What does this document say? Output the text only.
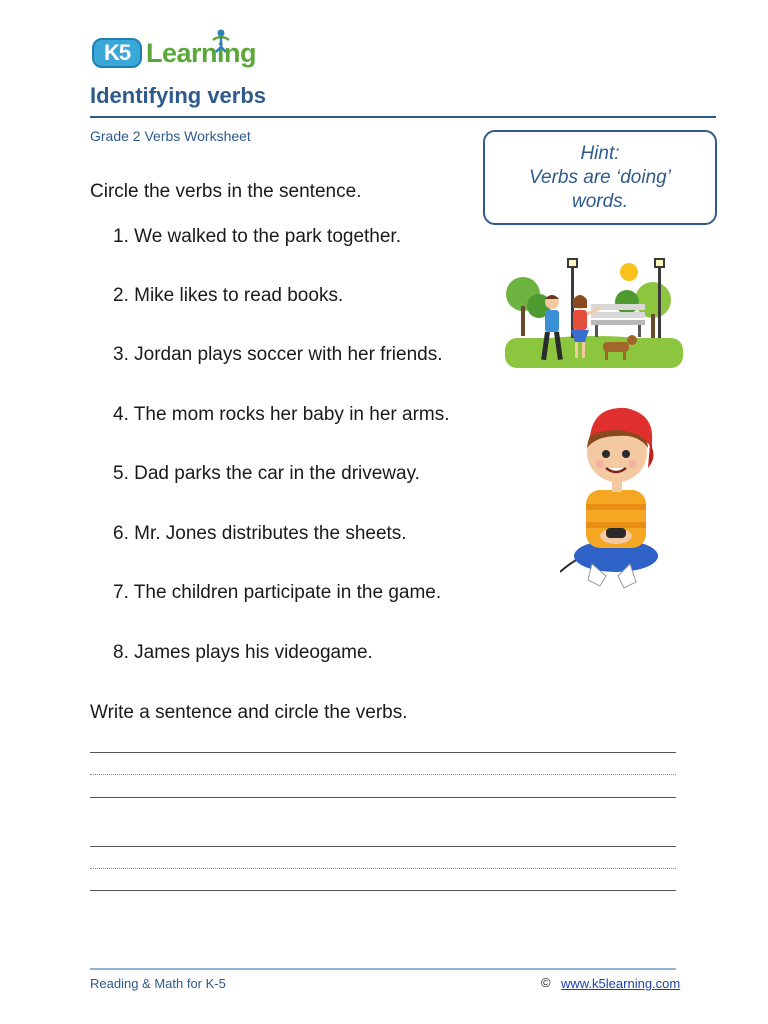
K5 Learning
Identifying verbs
Grade 2 Verbs Worksheet
Hint:
Verbs are ‘doing’
words.
Circle the verbs in the sentence.
1. We walked to the park together.
2. Mike likes to read books.
3. Jordan plays soccer with her friends.
4. The mom rocks her baby in her arms.
5. Dad parks the car in the driveway.
6. Mr. Jones distributes the sheets.
7. The children participate in the game.
8. James plays his videogame.
Write a sentence and circle the verbs.
Reading & Math for K-5	© www.k5learning.com
